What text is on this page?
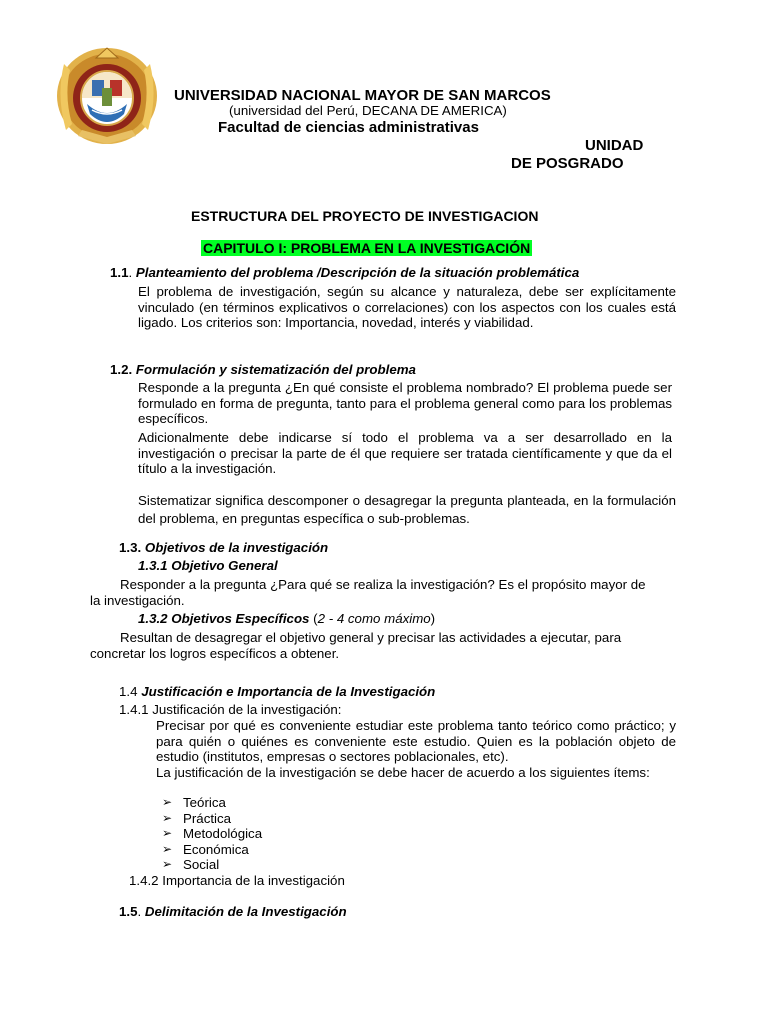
UNIVERSIDAD NACIONAL MAYOR DE SAN MARCOS
(universidad del Perú, DECANA DE AMERICA)
Facultad de ciencias administrativas
UNIDAD
DE POSGRADO
ESTRUCTURA DEL PROYECTO DE INVESTIGACION
CAPITULO I: PROBLEMA EN LA INVESTIGACIÓN
1.1. Planteamiento del problema /Descripción de la situación problemática
El problema de investigación, según su alcance y naturaleza, debe ser explícitamente vinculado (en términos explicativos o correlaciones) con los aspectos con los cuales está ligado. Los criterios son: Importancia, novedad, interés y viabilidad.
1.2. Formulación y sistematización del problema
Responde a la pregunta ¿En qué consiste el problema nombrado? El problema puede ser formulado en forma de pregunta, tanto para el problema general como para los problemas específicos.
Adicionalmente debe indicarse sí todo el problema va a ser desarrollado en la investigación o precisar la parte de él que requiere ser tratada científicamente y que da el título a la investigación.
Sistematizar significa descomponer o desagregar la pregunta planteada, en la formulación del problema, en preguntas específica o sub-problemas.
1.3. Objetivos de la investigación
1.3.1 Objetivo General
Responder a la pregunta ¿Para qué se realiza la investigación? Es el propósito mayor de la investigación.
1.3.2 Objetivos Específicos (2 - 4 como máximo)
Resultan de desagregar el objetivo general y precisar las actividades a ejecutar, para concretar los logros específicos a obtener.
1.4 Justificación e Importancia de la Investigación
1.4.1 Justificación de la investigación:
Precisar por qué es conveniente estudiar este problema tanto teórico como práctico; y para quién o quiénes es conveniente este estudio. Quien es la población objeto de estudio (institutos, empresas o sectores poblacionales, etc).
La justificación de la investigación se debe hacer de acuerdo a los siguientes ítems:
➢ Teórica
➢ Práctica
➢ Metodológica
➢ Económica
➢ Social
1.4.2 Importancia de la investigación
1.5. Delimitación de la Investigación
